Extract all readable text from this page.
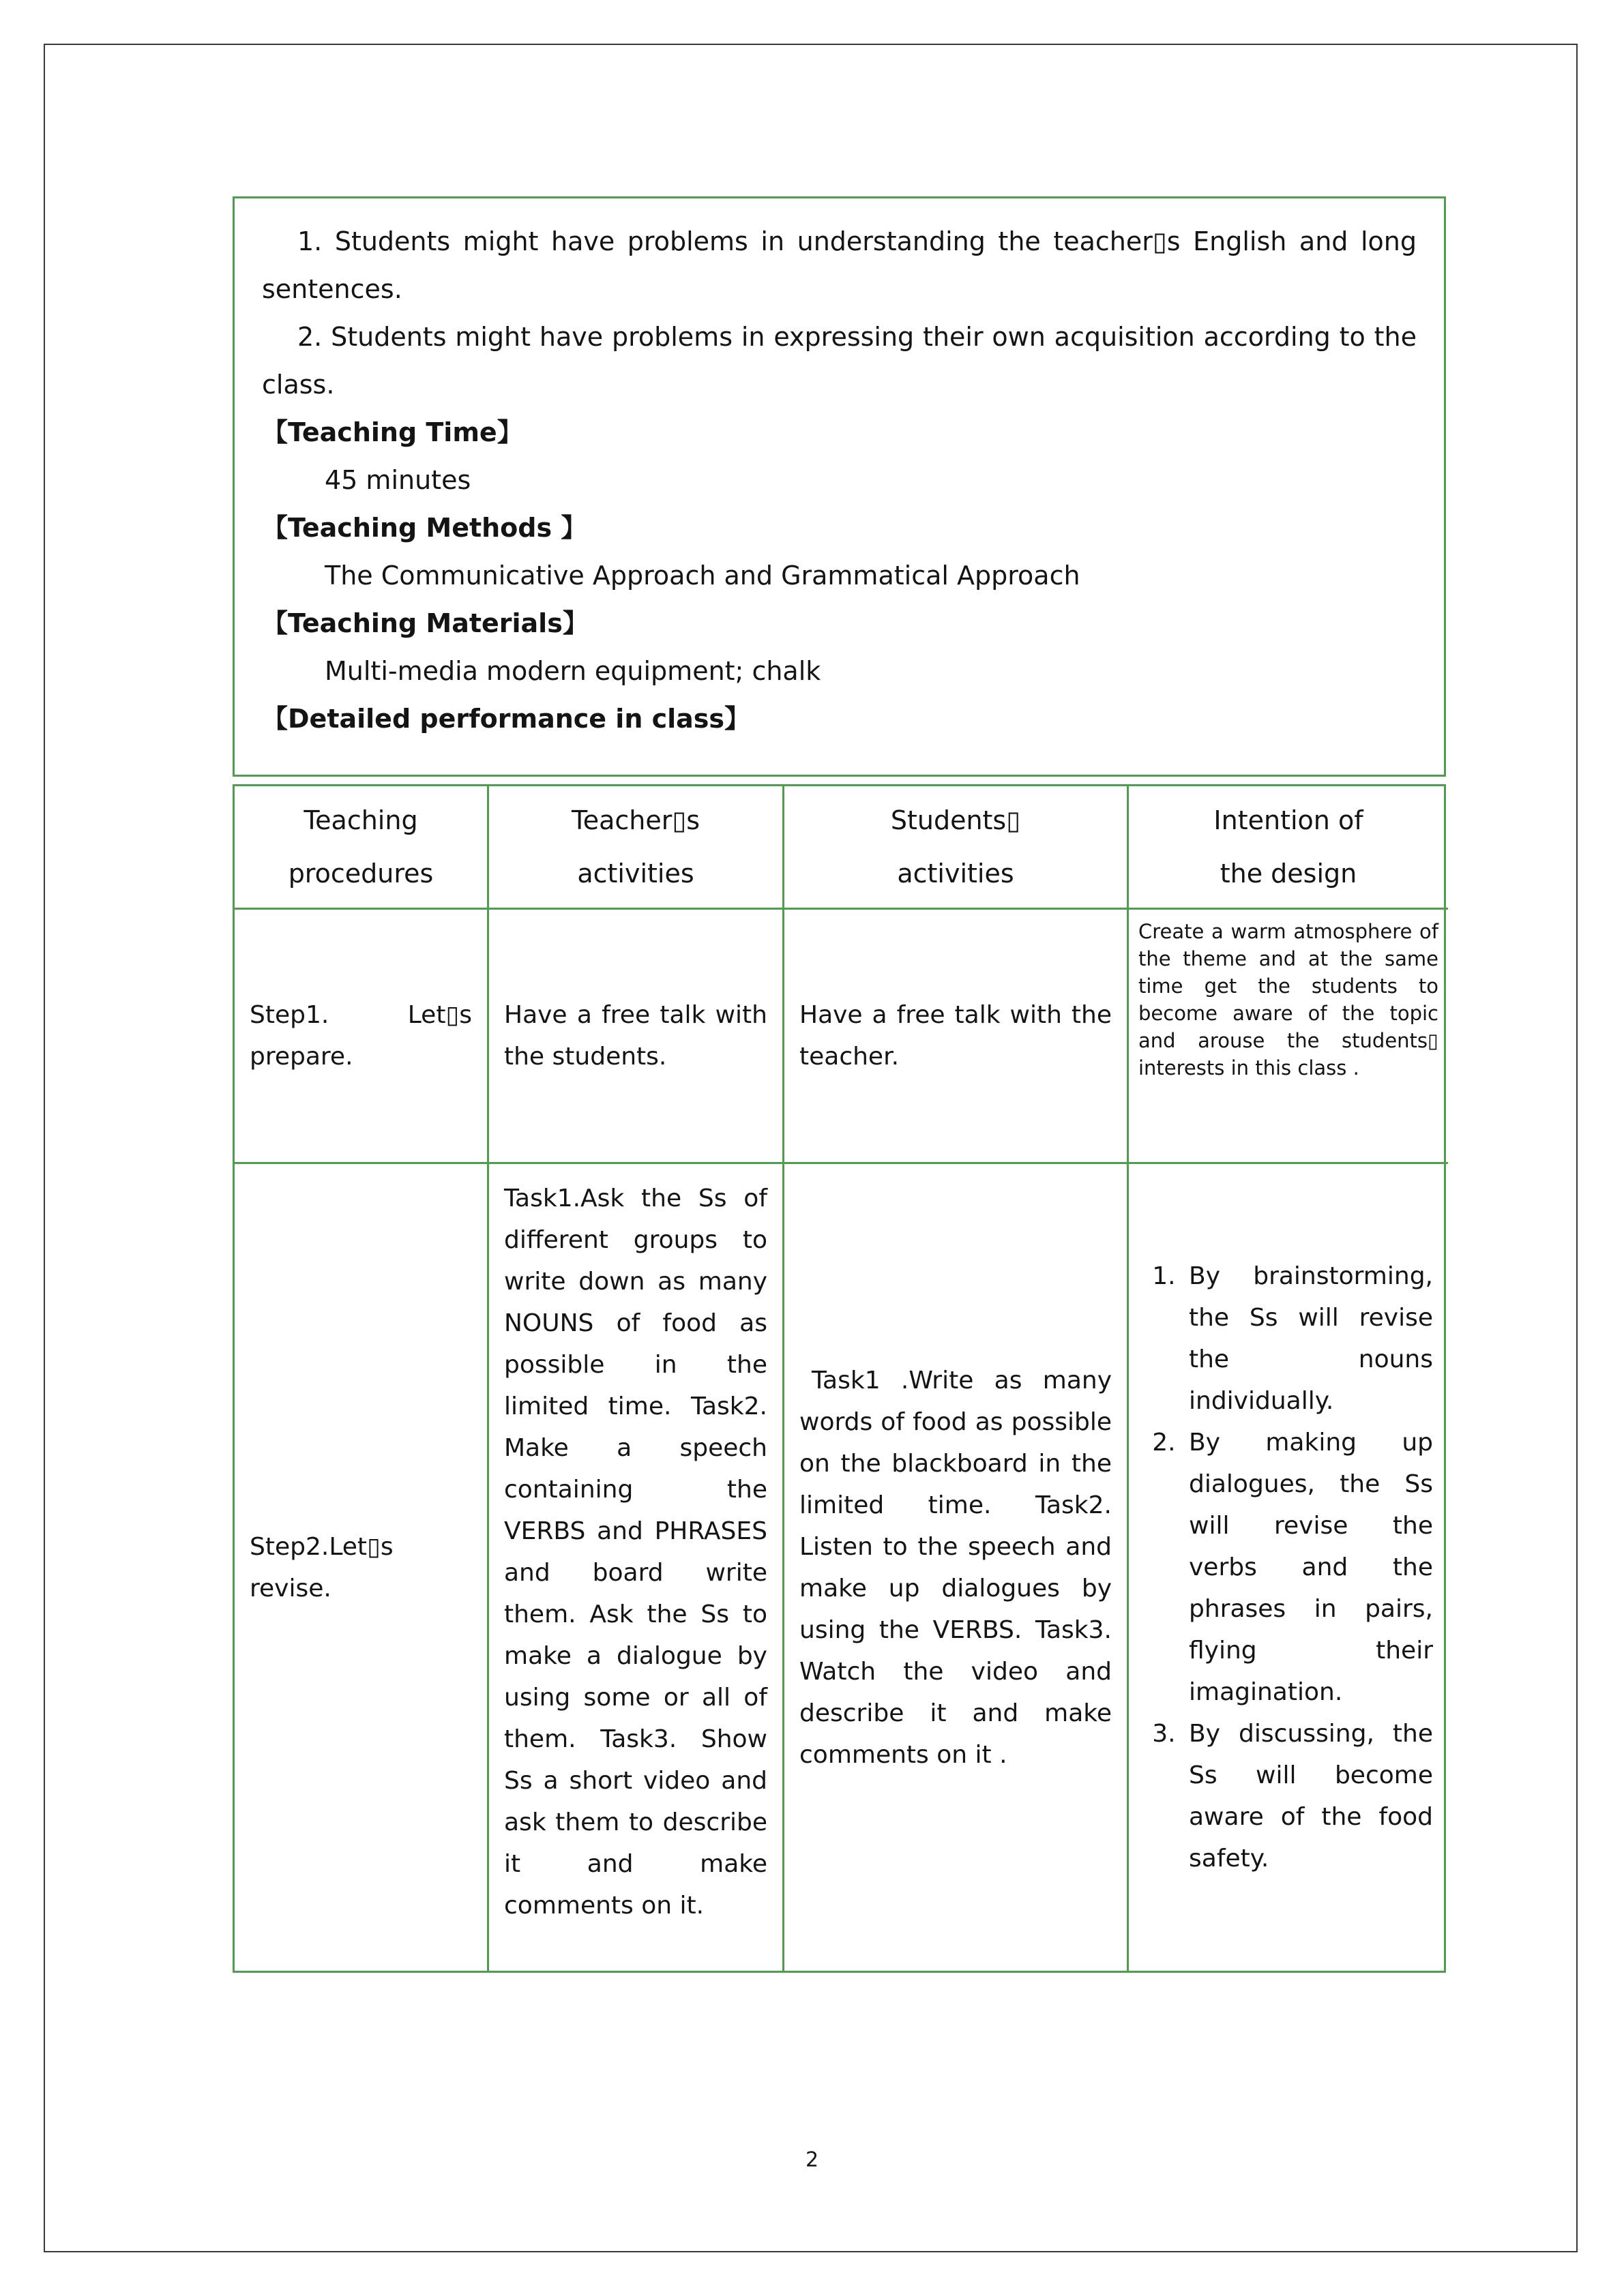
1. Students might have problems in understanding the teacher▯s English and long sentences.
2. Students might have problems in expressing their own acquisition according to the class.
【Teaching Time】
45 minutes
【Teaching Methods 】
The Communicative Approach and Grammatical Approach
【Teaching Materials】
Multi-media modern equipment; chalk
【Detailed performance in class】
Teaching
procedures
Teacher▯s
activities
Students▯
activities
Intention of
the design
Step1. Let▯s prepare.
Have a free talk with the students.
Have a free talk with the teacher.
Create a warm atmosphere of the theme and at the same time get the students to become aware of the topic and arouse the students▯ interests in this class .
Step2.Let▯s revise.
Task1.Ask the Ss of different groups to write down as many NOUNS of food as possible in the limited time. Task2. Make a speech containing the VERBS and PHRASES and board write them. Ask the Ss to make a dialogue by using some or all of them. Task3. Show Ss a short video and ask them to describe it and make comments on it.
Task1 .Write as many words of food as possible on the blackboard in the limited time. Task2. Listen to the speech and make up dialogues by using the VERBS. Task3. Watch the video and describe it and make comments on it .
1. By brainstorming, the Ss will revise the nouns individually.
2. By making up dialogues, the Ss will revise the verbs and the phrases in pairs, flying their imagination.
3. By discussing, the Ss will become aware of the food safety.
2
